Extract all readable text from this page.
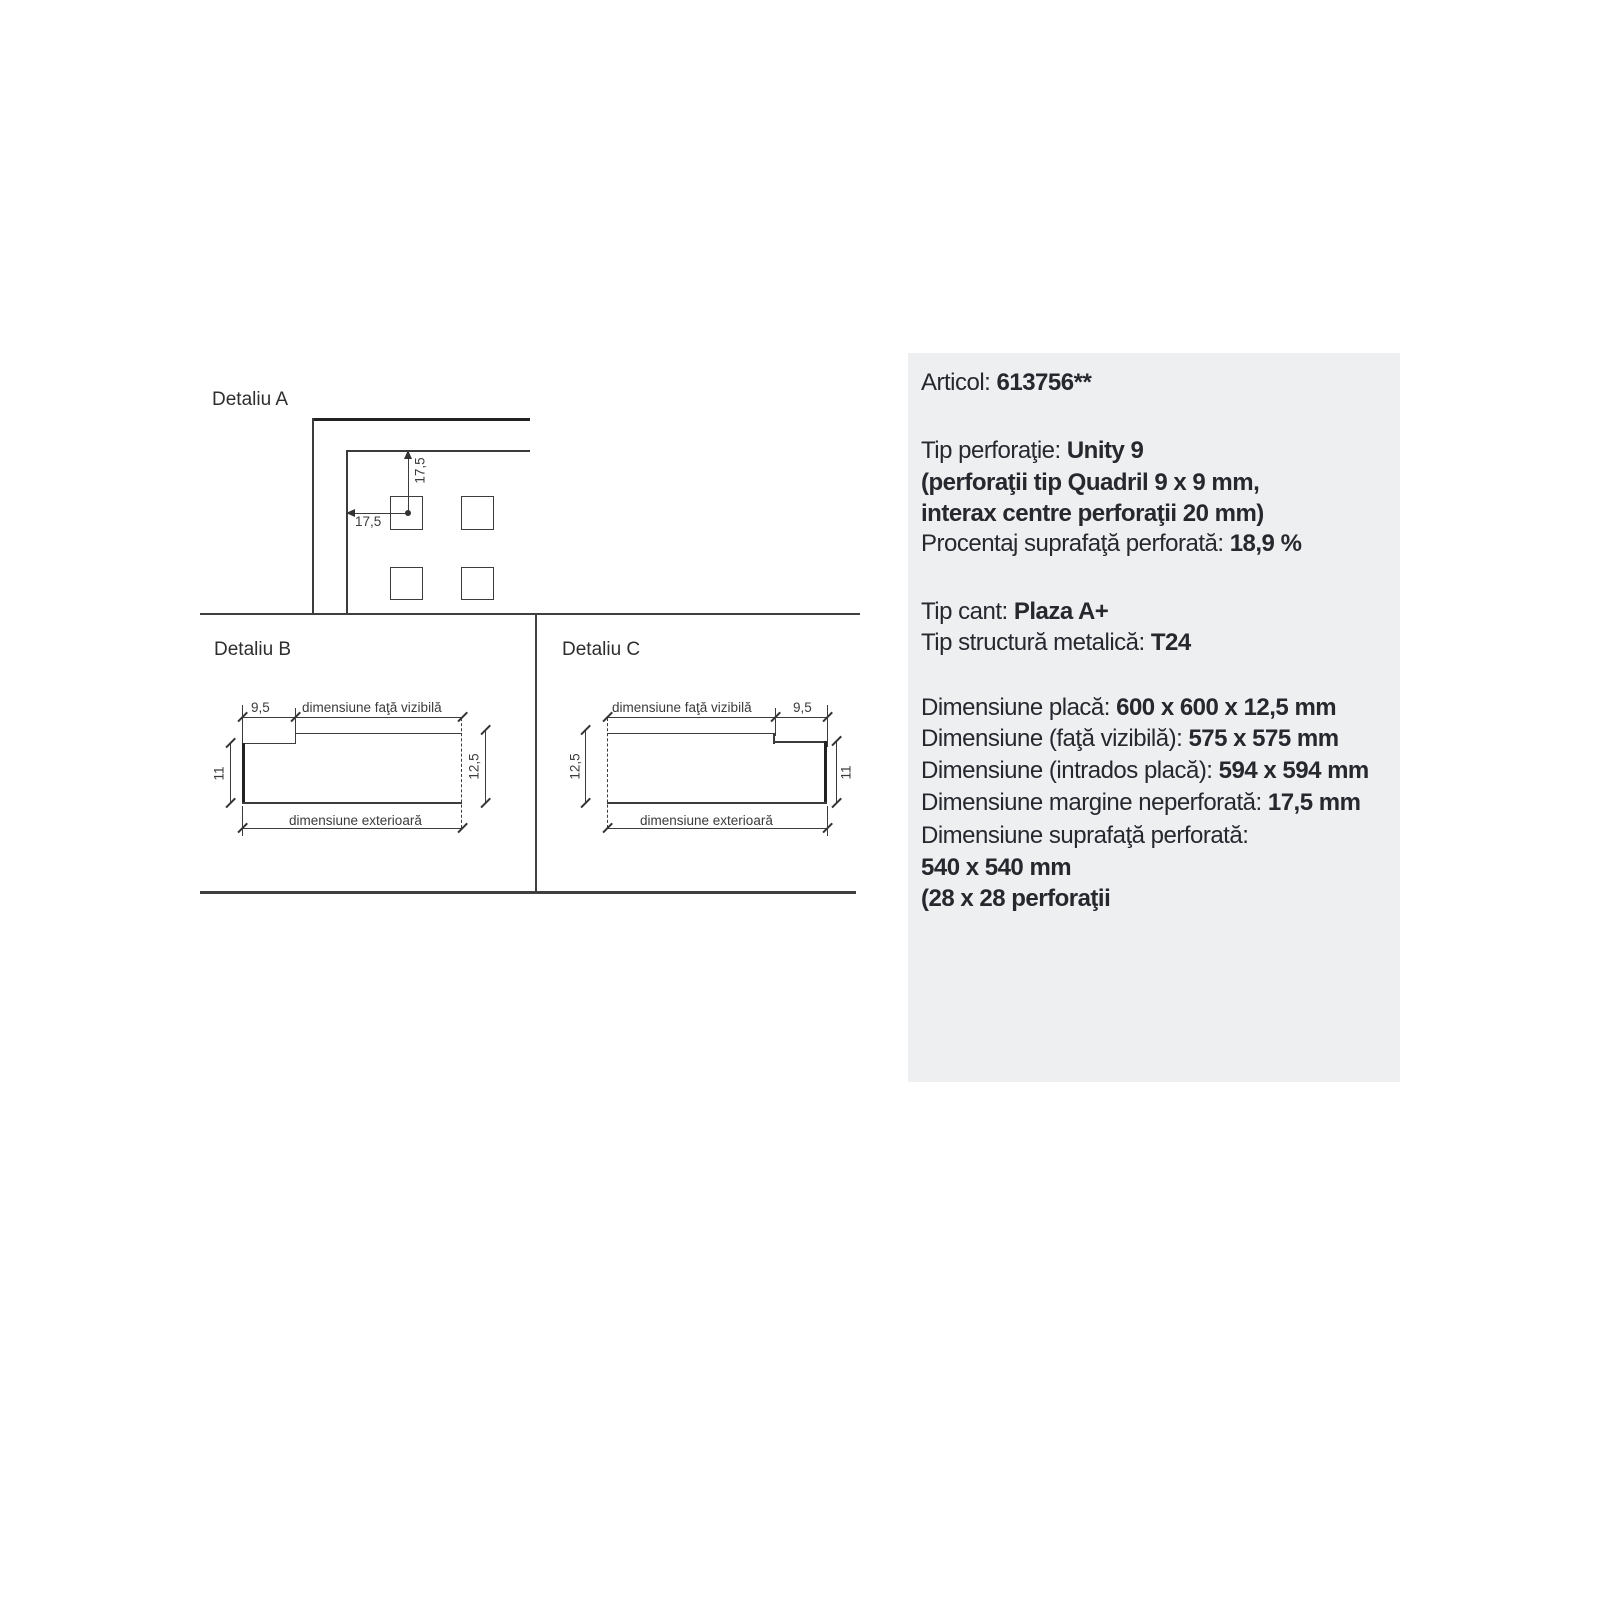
Detaliu A
17,5
17,5
Detaliu B
9,5 dimensiune faţă vizibilă
11	12,5
dimensiune exterioară
Detaliu C
dimensiune faţă vizibilă	9,5
12,5	11
dimensiune exterioară
Articol: 613756**
Tip perforaţie: Unity 9
(perforaţii tip Quadril 9 x 9 mm,
interax centre perforaţii 20 mm)
Procentaj suprafaţă perforată: 18,9 %
Tip cant: Plaza A+
Tip structură metalică: T24
Dimensiune placă: 600 x 600 x 12,5 mm
Dimensiune (faţă vizibilă): 575 x 575 mm
Dimensiune (intrados placă): 594 x 594 mm
Dimensiune margine neperforată: 17,5 mm
Dimensiune suprafaţă perforată:
540 x 540 mm
(28 x 28 perforaţii
